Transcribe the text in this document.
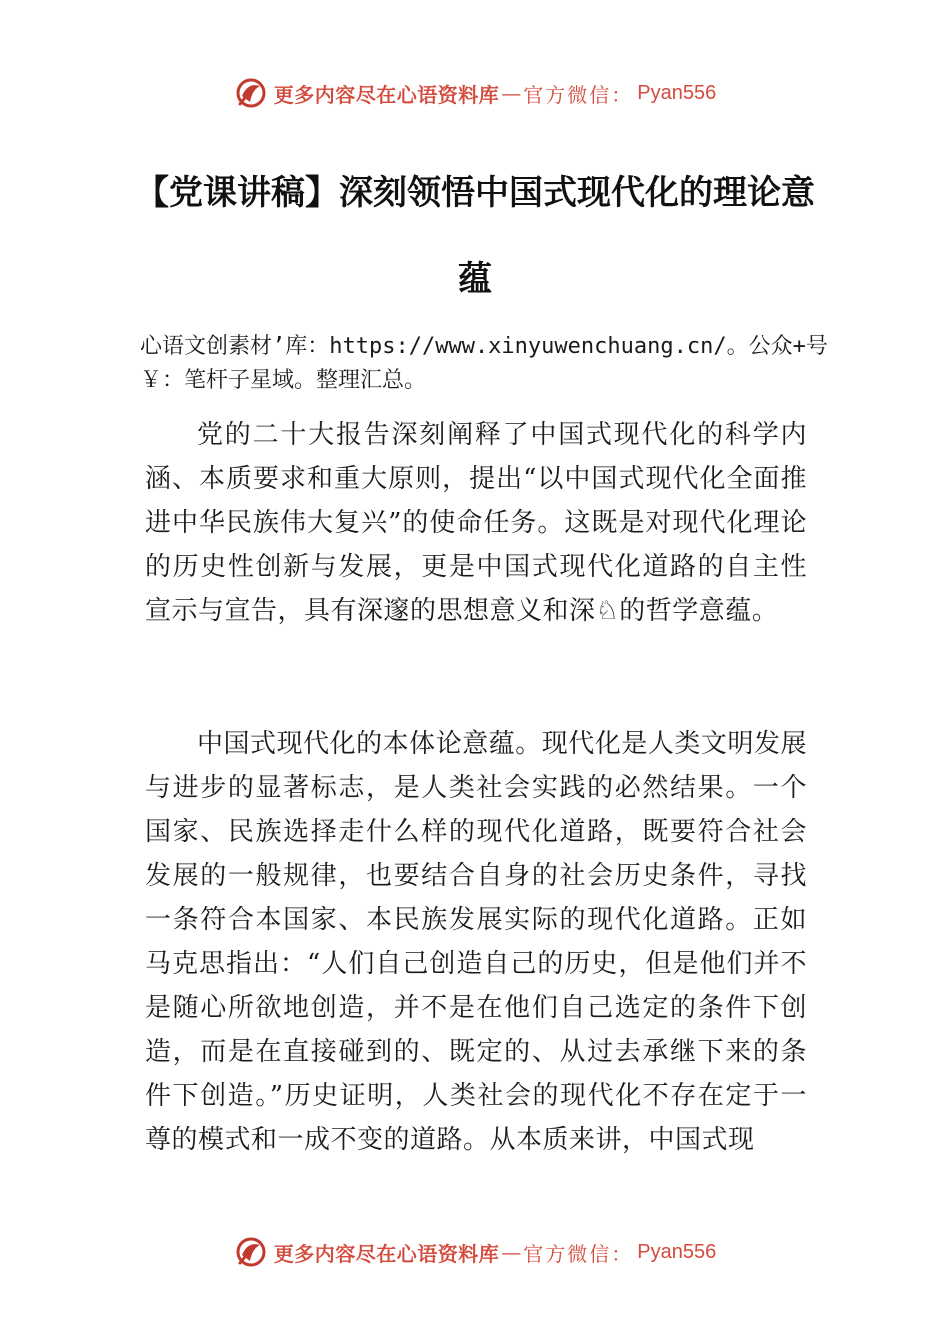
更多内容尽在心语资料库 — 官方微信： Pyan556
【党课讲稿】深刻领悟中国式现代化的理论意蕴
心语文创素材’库：https://www.xinyuwenchuang.cn/。公众+号￥：笔杆子星域。整理汇总。
党的二十大报告深刻阐释了中国式现代化的科学内涵、本质要求和重大原则，提出“以中国式现代化全面推进中华民族伟大复兴”的使命任务。这既是对现代化理论的历史性创新与发展，更是中国式现代化道路的自主性宣示与宣告，具有深邃的思想意义和深♘的哲学意蕴。
中国式现代化的本体论意蕴。现代化是人类文明发展与进步的显著标志，是人类社会实践的必然结果。一个国家、民族选择走什么样的现代化道路，既要符合社会发展的一般规律，也要结合自身的社会历史条件，寻找一条符合本国家、本民族发展实际的现代化道路。正如马克思指出：“人们自己创造自己的历史，但是他们并不是随心所欲地创造，并不是在他们自己选定的条件下创造，而是在直接碰到的、既定的、从过去承继下来的条件下创造。”历史证明，人类社会的现代化不存在定于一尊的模式和一成不变的道路。从本质来讲，中国式现
更多内容尽在心语资料库 — 官方微信： Pyan556
